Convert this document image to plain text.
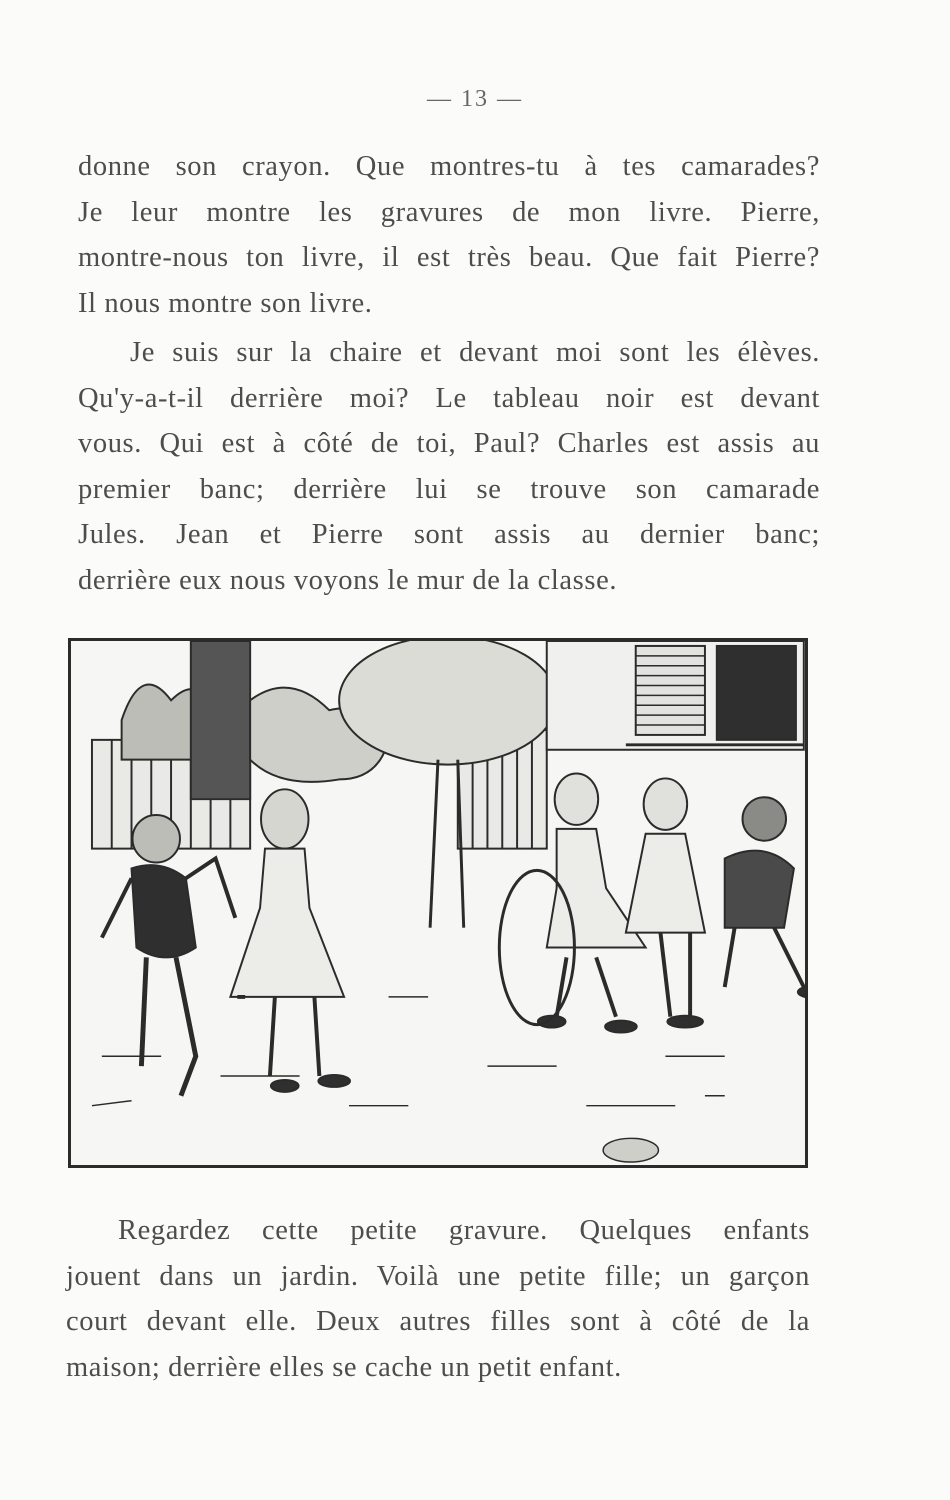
— 13 —
donne son crayon. Que montres-tu à tes camarades?
Je leur montre les gravures de mon livre. Pierre,
montre-nous ton livre, il est très beau. Que fait Pierre?
Il nous montre son livre.
Je suis sur la chaire et devant moi sont les élèves.
Qu'y-a-t-il derrière moi? Le tableau noir est devant
vous. Qui est à côté de toi, Paul? Charles est assis au
premier banc; derrière lui se trouve son camarade
Jules. Jean et Pierre sont assis au dernier banc;
derrière eux nous voyons le mur de la classe.
Regardez cette petite gravure. Quelques enfants
jouent dans un jardin. Voilà une petite fille; un garçon
court devant elle. Deux autres filles sont à côté de la
maison; derrière elles se cache un petit enfant.
